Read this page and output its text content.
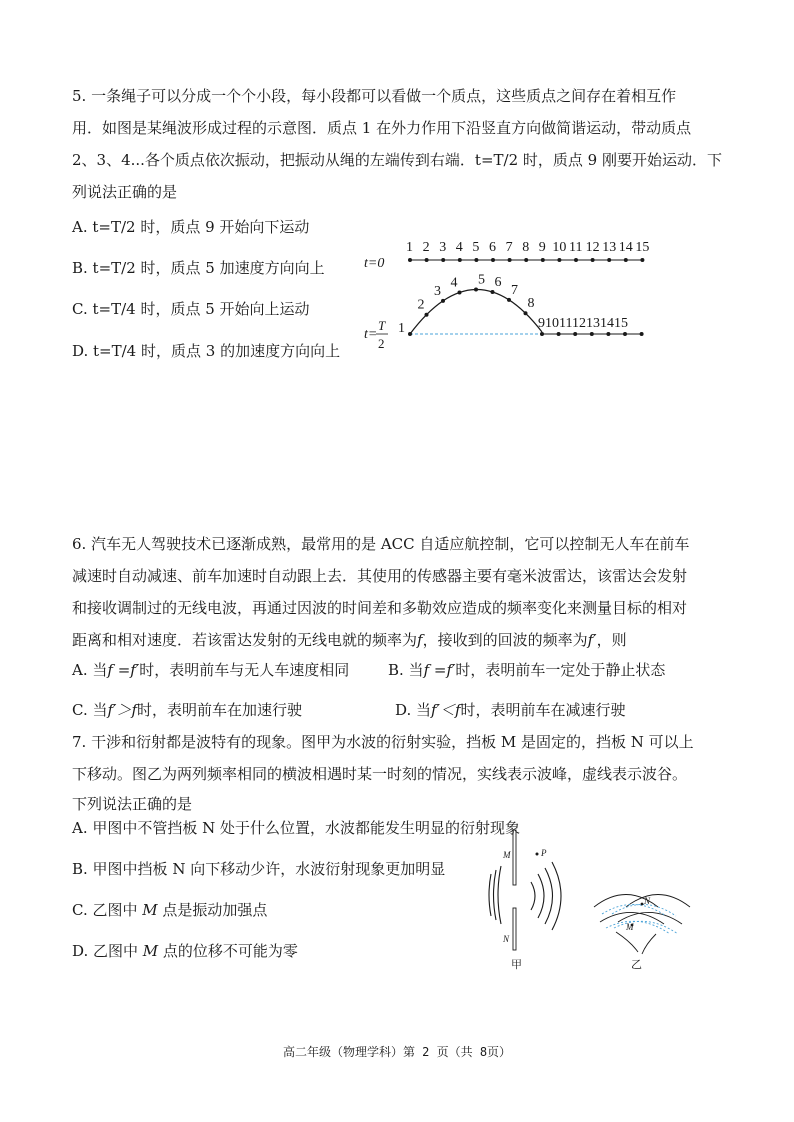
5. 一条绳子可以分成一个个小段，每小段都可以看做一个质点，这些质点之间存在着相互作

用．如图是某绳波形成过程的示意图．质点 1 在外力作用下沿竖直方向做简谐运动，带动质点

2、3、4...各个质点依次振动，把振动从绳的左端传到右端．t=T/2 时，质点 9 刚要开始运动．下

列说法正确的是

A. t=T/2 时，质点 9 开始向下运动
B. t=T/2 时，质点 5 加速度方向向上
C. t=T/4 时，质点 5 开始向上运动
D. t=T/4 时，质点 3 的加速度方向向上
1 2 3 4 5 6 7 8 9 10 11 12 13 14 15
t=0
1
2
3
4 5 6
7
8
9101112131415
t=
T
2

6. 汽车无人驾驶技术已逐渐成熟，最常用的是 ACC 自适应航控制，它可以控制无人车在前车

减速时自动减速、前车加速时自动跟上去．其使用的传感器主要有毫米波雷达，该雷达会发射

和接收调制过的无线电波，再通过因波的时间差和多勒效应造成的频率变化来测量目标的相对

距离和相对速度．若该雷达发射的无线电就的频率为f，接收到的回波的频率为f′，则

A. 当f =f′时，表明前车与无人车速度相同	B. 当f =f′时，表明前车一定处于静止状态
C. 当f′＞f时，表明前车在加速行驶	D. 当f′＜f时，表明前车在减速行驶

7. 干涉和衍射都是波特有的现象。图甲为水波的衍射实验，挡板 M 是固定的，挡板 N 可以上

下移动。图乙为两列频率相同的横波相遇时某一时刻的情况，实线表示波峰，虚线表示波谷。

下列说法正确的是

A. 甲图中不管挡板 N 处于什么位置，水波都能发生明显的衍射现象
B. 甲图中挡板 N 向下移动少许，水波衍射现象更加明显
C. 乙图中 M 点是振动加强点
D. 乙图中 M 点的位移不可能为零
M
N
P
甲
N
M
乙
高二年级（物理学科）第 2 页（共 8页）
